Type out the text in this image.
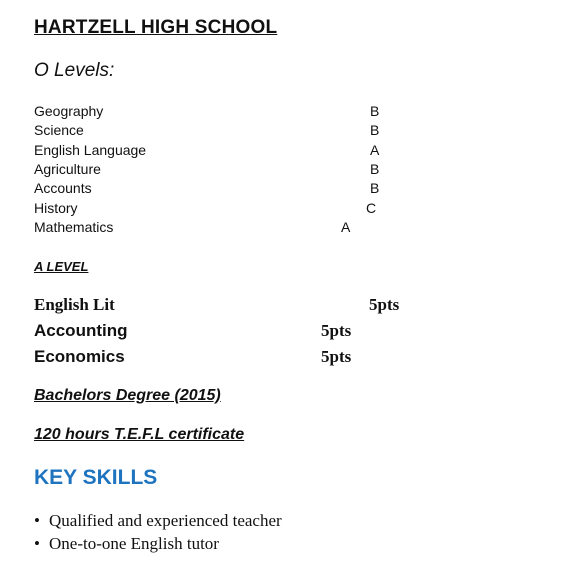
HARTZELL HIGH SCHOOL
O Levels:
Geography	B
Science	B
English Language	A
Agriculture	B
Accounts	B
History	C
Mathematics	A
A LEVEL
English Lit	5pts
Accounting	5pts
Economics	5pts
Bachelors Degree (2015)
120 hours T.E.F.L certificate
KEY SKILLS
• Qualified and experienced teacher
• One-to-one English tutor
